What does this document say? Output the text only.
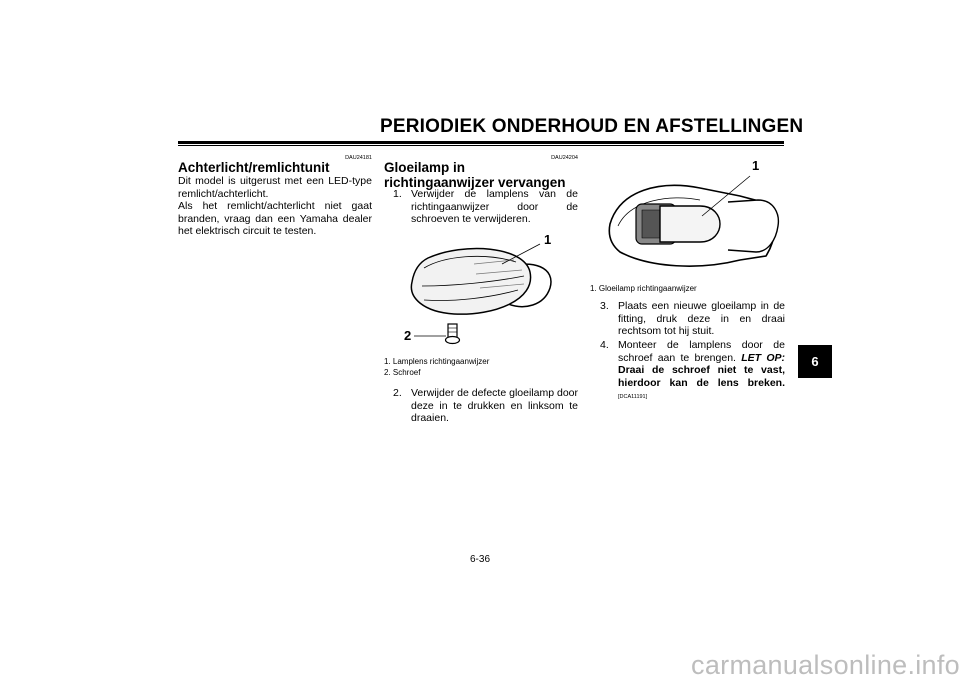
PERIODIEK ONDERHOUD EN AFSTELLINGEN
DAU24181
Achterlicht/remlichtunit
Dit model is uitgerust met een LED-type remlicht/achterlicht.
Als het remlicht/achterlicht niet gaat branden, vraag dan een Yamaha dealer het elektrisch circuit te testen.
DAU24204
Gloeilamp in richtingaanwijzer vervangen
1. Verwijder de lamplens van de richtingaanwijzer door de schroeven te verwijderen.
1
2
1. Lamplens richtingaanwijzer
2. Schroef
2. Verwijder de defecte gloeilamp door deze in te drukken en linksom te draaien.
1
1. Gloeilamp richtingaanwijzer
3. Plaats een nieuwe gloeilamp in de fitting, druk deze in en draai rechtsom tot hij stuit.
4. Monteer de lamplens door de schroef aan te brengen. LET OP: Draai de schroef niet te vast, hierdoor kan de lens breken. [DCA11191]
6
6-36
carmanualsonline.info
